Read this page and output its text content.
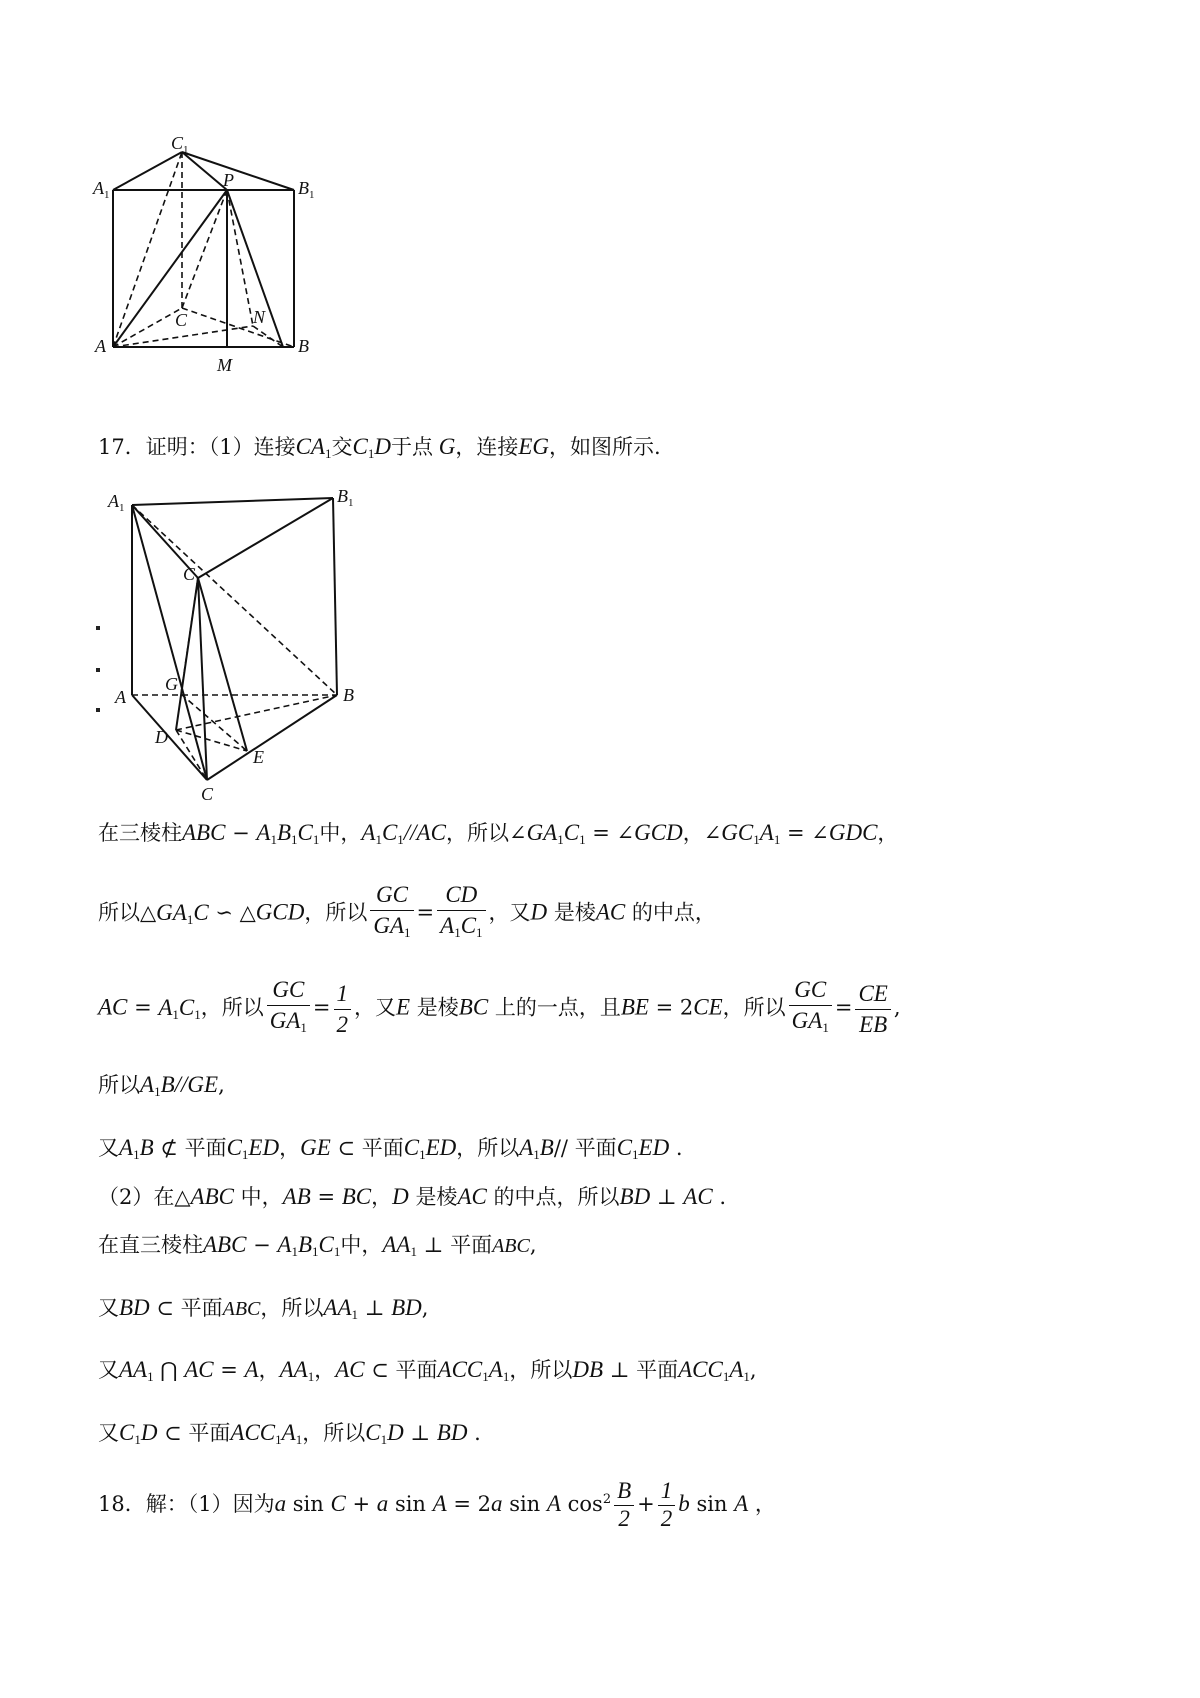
$C_1$
$A_1$
P	$B_1$
C	N
A	B
M
17．证明：（1）连接$CA_1$交$C_1D$于点 G，连接EG，如图所示.
$A_1$
$B_1$
$C_1$
G
A	B
D
E
C
在三棱柱ABC − $A_1B_1C_1$中，$A_1C_1//AC$，所以$\angle GA_1C_1$ = ∠GCD，$\angle GC_1A_1$ = ∠GDC，
所以$\triangle GA_1C$ ∽ △GCD，所以 $\frac{GC}{GA_1} = \frac{CD}{A_1C_1}$ ，又D 是棱AC 的中点，
AC = $A_1C_1$，所以 $\frac{GC}{GA_1} = \frac{1}{2}$ ，又E 是棱BC 上的一点，且BE = 2CE，所以 $\frac{GC}{GA_1} = \frac{CE}{EB}$ ,
所以$A_1B//GE$,
又$A_1B$ ⊄ 平面$C_1ED$，GE ⊂ 平面$C_1ED$，所以$A_1B//$ 平面$C_1ED$ .
（2）在△ABC 中，AB = BC，D 是棱AC 的中点，所以BD ⊥ AC .
在直三棱柱ABC − $A_1B_1C_1$中，$AA_1$ ⊥ 平面ABC,
又BD ⊂ 平面ABC，所以$AA_1$ ⊥ BD,
又$AA_1$ ⋂ AC = A，$AA_1$，AC ⊂ 平面$ACC_1A_1$，所以DB ⊥ 平面$ACC_1A_1$,
又$C_1D$ ⊂ 平面$ACC_1A_1$，所以$C_1D$ ⊥ BD .
18．解：（1）因为a sin C + a sin A = 2a sin A $\cos^2 \frac{B}{2} + \frac{1}{2}$ b sin A ，
